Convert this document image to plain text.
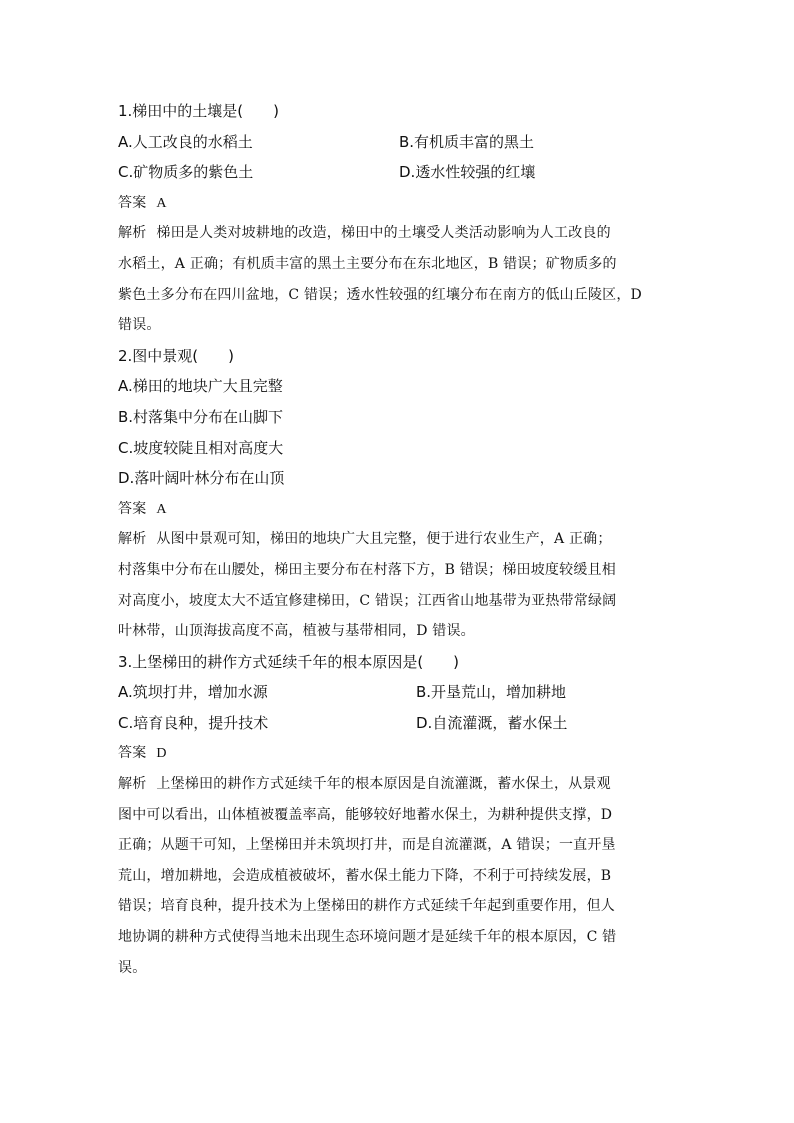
1.梯田中的土壤是(　　)
A.人工改良的水稻土	B.有机质丰富的黑土
C.矿物质多的紫色土	D.透水性较强的红壤
答案 A
解析 梯田是人类对坡耕地的改造，梯田中的土壤受人类活动影响为人工改良的
水稻土，A 正确；有机质丰富的黑土主要分布在东北地区，B 错误；矿物质多的
紫色土多分布在四川盆地，C 错误；透水性较强的红壤分布在南方的低山丘陵区，D
错误。
2.图中景观(　　)
A.梯田的地块广大且完整
B.村落集中分布在山脚下
C.坡度较陡且相对高度大
D.落叶阔叶林分布在山顶
答案 A
解析 从图中景观可知，梯田的地块广大且完整，便于进行农业生产，A 正确；
村落集中分布在山腰处，梯田主要分布在村落下方，B 错误；梯田坡度较缓且相
对高度小，坡度太大不适宜修建梯田，C 错误；江西省山地基带为亚热带常绿阔
叶林带，山顶海拔高度不高，植被与基带相同，D 错误。
3.上堡梯田的耕作方式延续千年的根本原因是(　　)
A.筑坝打井，增加水源	B.开垦荒山，增加耕地
C.培育良种，提升技术	D.自流灌溉，蓄水保土
答案 D
解析 上堡梯田的耕作方式延续千年的根本原因是自流灌溉，蓄水保土，从景观
图中可以看出，山体植被覆盖率高，能够较好地蓄水保土，为耕种提供支撑，D
正确；从题干可知，上堡梯田并未筑坝打井，而是自流灌溉，A 错误；一直开垦
荒山，增加耕地，会造成植被破坏，蓄水保土能力下降，不利于可持续发展，B
错误；培育良种，提升技术为上堡梯田的耕作方式延续千年起到重要作用，但人
地协调的耕种方式使得当地未出现生态环境问题才是延续千年的根本原因，C 错
误。
